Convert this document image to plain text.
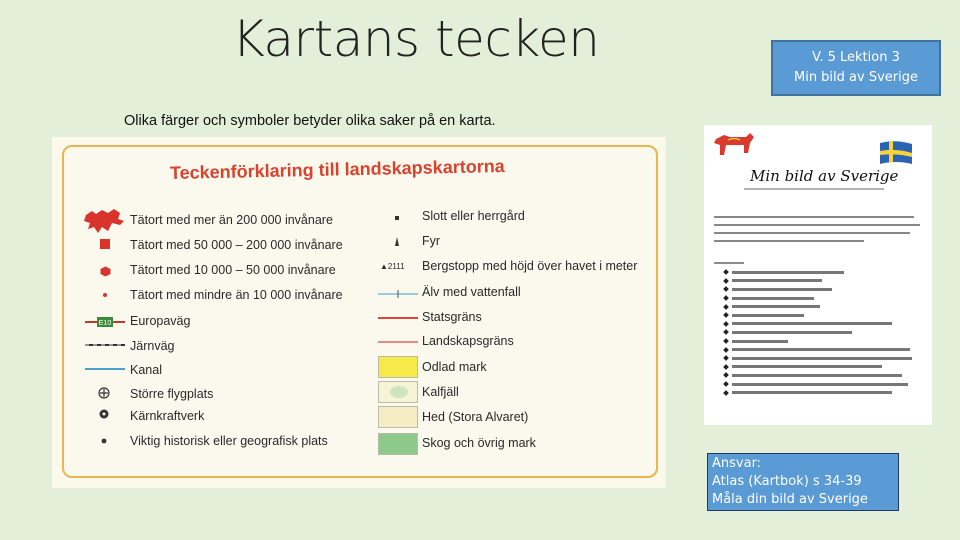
Kartans tecken	V. 5 Lektion 3
Min bild av Sverige
Olika färger och symboler betyder olika saker på en karta.
Teckenförklaring till landskapskartorna
E10
Tätort med mer än 200 000 invånare
Tätort med 50 000 – 200 000 invånare
Tätort med 10 000 – 50 000 invånare
Tätort med mindre än 10 000 invånare
Europaväg
Järnväg
Kanal
Större flygplats
Kärnkraftverk
Viktig historisk eller geografisk plats
▲2111
Slott eller herrgård
Fyr
Bergstopp med höjd över havet i meter
Älv med vattenfall
Statsgräns
Landskapsgräns
Odlad mark
Kalfjäll
Hed (Stora Alvaret)
Skog och övrig mark
Min bild av Sverige
Ansvar:
Atlas (Kartbok) s 34-39
Måla din bild av Sverige
